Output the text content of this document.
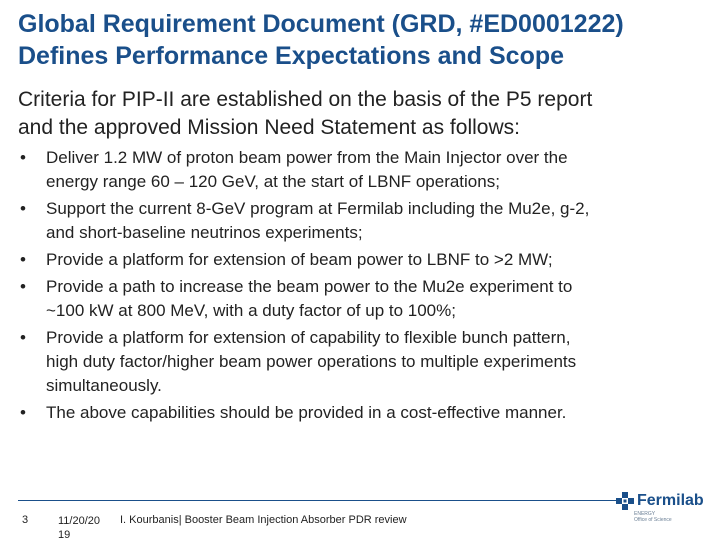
Global Requirement Document (GRD, #ED0001222)
Defines Performance Expectations and Scope

Criteria for PIP-II are established on the basis of the P5 report
and the approved Mission Need Statement as follows:

• Deliver 1.2 MW of proton beam power from the Main Injector over the
energy range 60 – 120 GeV, at the start of LBNF operations;
• Support the current 8-GeV program at Fermilab including the Mu2e, g-2,
and short-baseline neutrinos experiments;
• Provide a platform for extension of beam power to LBNF to >2 MW;
• Provide a path to increase the beam power to the Mu2e experiment to
~100 kW at 800 MeV, with a duty factor of up to 100%;
• Provide a platform for extension of capability to flexible bunch pattern,
high duty factor/higher beam power operations to multiple experiments
simultaneously.
• The above capabilities should be provided in a cost-effective manner.
3	11/20/20
19
I. Kourbanis| Booster Beam Injection Absorber PDR review
Fermilab
ENERGY
Office of Science
